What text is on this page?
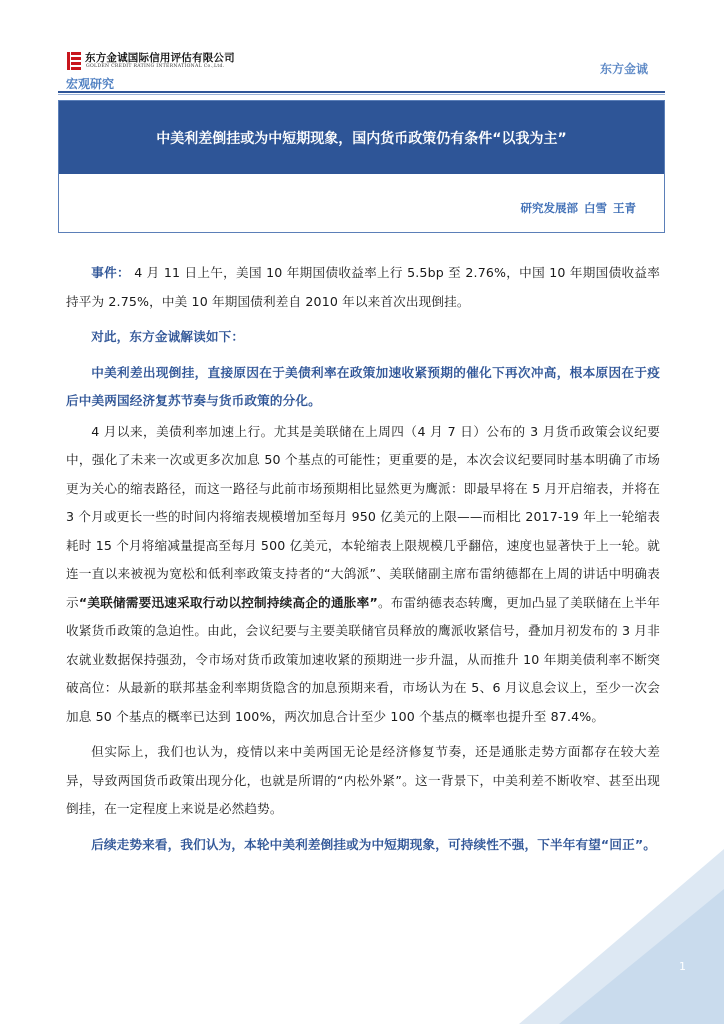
东方金诚国际信用评估有限公司
GOLDEN CREDIT RATING INTERNATIONAL Co.,Ltd.	东方金诚
宏观研究
中美利差倒挂或为中短期现象，国内货币政策仍有条件“以我为主”
研究发展部 白雪 王青

事件： 4 月 11 日上午，美国 10 年期国债收益率上行 5.5bp 至 2.76%，中国 10 年期国债收益率持平为 2.75%，中美 10 年期国债利差自 2010 年以来首次出现倒挂。

对此，东方金诚解读如下：

中美利差出现倒挂，直接原因在于美债利率在政策加速收紧预期的催化下再次冲高，根本原因在于疫后中美两国经济复苏节奏与货币政策的分化。

4 月以来，美债利率加速上行。尤其是美联储在上周四（4 月 7 日）公布的 3 月货币政策会议纪要中，强化了未来一次或更多次加息 50 个基点的可能性；更重要的是，本次会议纪要同时基本明确了市场更为关心的缩表路径，而这一路径与此前市场预期相比显然更为鹰派：即最早将在 5 月开启缩表，并将在 3 个月或更长一些的时间内将缩表规模增加至每月 950 亿美元的上限——而相比 2017-19 年上一轮缩表耗时 15 个月将缩减量提高至每月 500 亿美元，本轮缩表上限规模几乎翻倍，速度也显著快于上一轮。就连一直以来被视为宽松和低利率政策支持者的“大鸽派”、美联储副主席布雷纳德都在上周的讲话中明确表示“美联储需要迅速采取行动以控制持续高企的通胀率”。布雷纳德表态转鹰，更加凸显了美联储在上半年收紧货币政策的急迫性。由此，会议纪要与主要美联储官员释放的鹰派收紧信号，叠加月初发布的 3 月非农就业数据保持强劲，令市场对货币政策加速收紧的预期进一步升温，从而推升 10 年期美债利率不断突破高位：从最新的联邦基金利率期货隐含的加息预期来看，市场认为在 5、6 月议息会议上，至少一次会加息 50 个基点的概率已达到 100%，两次加息合计至少 100 个基点的概率也提升至 87.4%。

但实际上，我们也认为，疫情以来中美两国无论是经济修复节奏，还是通胀走势方面都存在较大差异，导致两国货币政策出现分化，也就是所谓的“内松外紧”。这一背景下，中美利差不断收窄、甚至出现倒挂，在一定程度上来说是必然趋势。

后续走势来看，我们认为，本轮中美利差倒挂或为中短期现象，可持续性不强，下半年有望“回正”。

1
